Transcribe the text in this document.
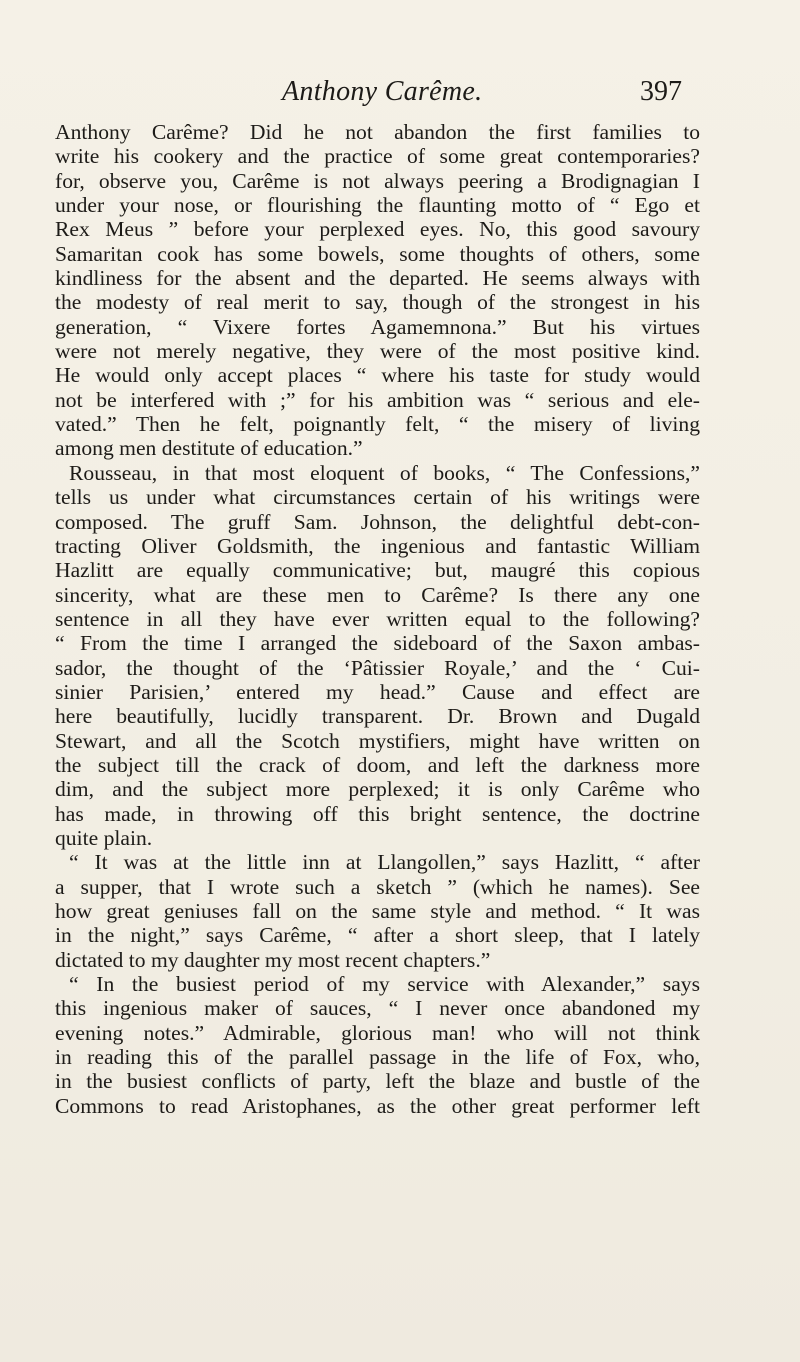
Anthony Carême.	397
Anthony Carême? Did he not abandon the first families to
write his cookery and the practice of some great contemporaries?
for, observe you, Carême is not always peering a Brodignagian I
under your nose, or flourishing the flaunting motto of “ Ego et
Rex Meus ” before your perplexed eyes. No, this good savoury
Samaritan cook has some bowels, some thoughts of others, some
kindliness for the absent and the departed. He seems always with
the modesty of real merit to say, though of the strongest in his
generation, “ Vixere fortes Agamemnona.” But his virtues
were not merely negative, they were of the most positive kind.
He would only accept places “ where his taste for study would
not be interfered with ;” for his ambition was “ serious and ele-
vated.” Then he felt, poignantly felt, “ the misery of living
among men destitute of education.”
Rousseau, in that most eloquent of books, “ The Confessions,”
tells us under what circumstances certain of his writings were
composed. The gruff Sam. Johnson, the delightful debt-con-
tracting Oliver Goldsmith, the ingenious and fantastic William
Hazlitt are equally communicative; but, maugré this copious
sincerity, what are these men to Carême? Is there any one
sentence in all they have ever written equal to the following?
“ From the time I arranged the sideboard of the Saxon ambas-
sador, the thought of the ‘Pâtissier Royale,’ and the ‘ Cui-
sinier Parisien,’ entered my head.” Cause and effect are
here beautifully, lucidly transparent. Dr. Brown and Dugald
Stewart, and all the Scotch mystifiers, might have written on
the subject till the crack of doom, and left the darkness more
dim, and the subject more perplexed; it is only Carême who
has made, in throwing off this bright sentence, the doctrine
quite plain.
“ It was at the little inn at Llangollen,” says Hazlitt, “ after
a supper, that I wrote such a sketch ” (which he names). See
how great geniuses fall on the same style and method. “ It was
in the night,” says Carême, “ after a short sleep, that I lately
dictated to my daughter my most recent chapters.”
“ In the busiest period of my service with Alexander,” says
this ingenious maker of sauces, “ I never once abandoned my
evening notes.” Admirable, glorious man! who will not think
in reading this of the parallel passage in the life of Fox, who,
in the busiest conflicts of party, left the blaze and bustle of the
Commons to read Aristophanes, as the other great performer left
